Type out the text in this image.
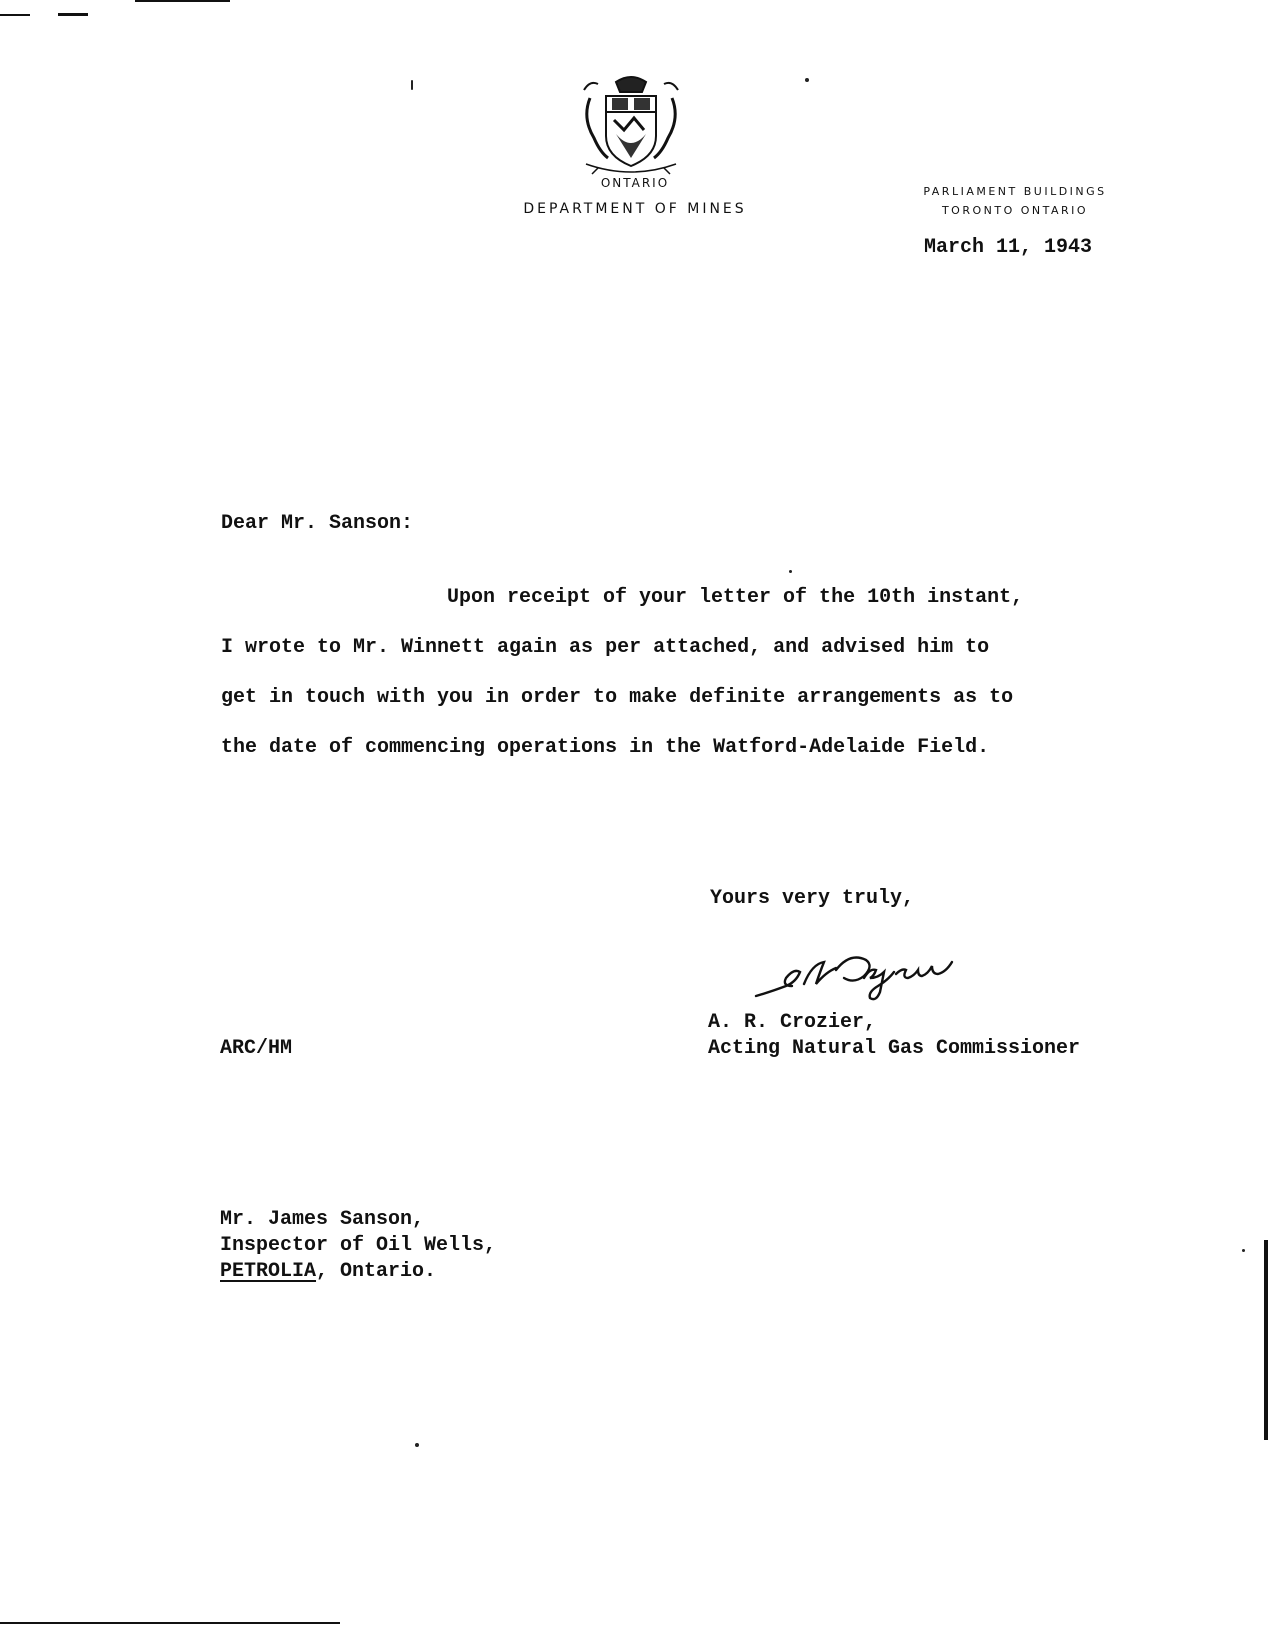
ONTARIO
DEPARTMENT OF MINES
PARLIAMENT BUILDINGS
TORONTO ONTARIO
March 11, 1943
Dear Mr. Sanson:
Upon receipt of your letter of the 10th instant,
I wrote to Mr. Winnett again as per attached, and advised him to
get in touch with you in order to make definite arrangements as to
the date of commencing operations in the Watford-Adelaide Field.
Yours very truly,
A. R. Crozier,
Acting Natural Gas Commissioner
ARC/HM
Mr. James Sanson,
Inspector of Oil Wells,
PETROLIA, Ontario.
